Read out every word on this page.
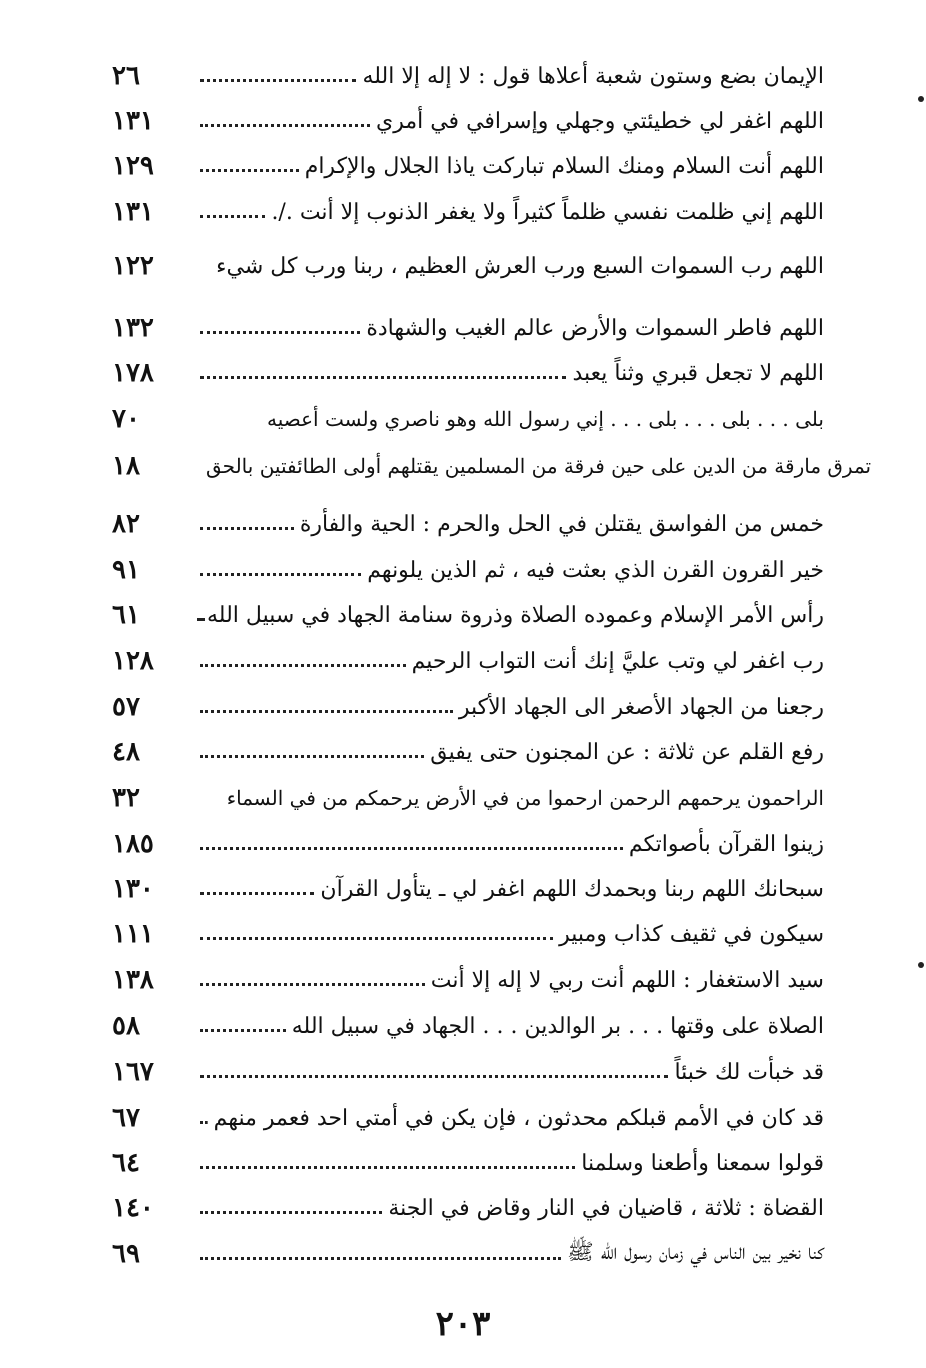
٢٦	الإيمان بضع وستون شعبة أعلاها قول : لا إله إلا الله
١٣١	اللهم اغفر لي خطيئتي وجهلي وإسرافي في أمري
١٢٩	اللهم أنت السلام ومنك السلام تباركت ياذا الجلال والإكرام
١٣١	اللهم إني ظلمت نفسي ظلماً كثيراً ولا يغفر الذنوب إلا أنت ./.
١٢٢	اللهم رب السموات السبع ورب العرش العظيم ، ربنا ورب كل شيء
١٣٢	اللهم فاطر السموات والأرض عالم الغيب والشهادة
١٧٨	اللهم لا تجعل قبري وثناً يعبد
٧٠	بلى . . . بلى . . . بلى . . . إني رسول الله وهو ناصري ولست أعصيه
١٨	تمرق مارقة من الدين على حين فرقة من المسلمين يقتلهم أولى الطائفتين بالحق
٨٢	خمس من الفواسق يقتلن في الحل والحرم : الحية والفأرة
٩١	خير القرون القرن الذي بعثت فيه ، ثم الذين يلونهم
٦١	رأس الأمر الإسلام وعموده الصلاة وذروة سنامة الجهاد في سبيل الله
١٢٨	رب اغفر لي وتب عليَّ إنك أنت التواب الرحيم
٥٧	رجعنا من الجهاد الأصغر الى الجهاد الأكبر
٤٨	رفع القلم عن ثلاثة : عن المجنون حتى يفيق
٣٢	الراحمون يرحمهم الرحمن ارحموا من في الأرض يرحمكم من في السماء
١٨٥	زينوا القرآن بأصواتكم
١٣٠	سبحانك اللهم ربنا وبحمدك اللهم اغفر لي ـ يتأول القرآن
١١١	سيكون في ثقيف كذاب ومبير
١٣٨	سيد الاستغفار : اللهم أنت ربي لا إله إلا أنت
٥٨	الصلاة على وقتها . . . بر الوالدين . . . الجهاد في سبيل الله
١٦٧	قد خبأت لك خبئاً
٦٧	قد كان في الأمم قبلكم محدثون ، فإن يكن في أمتي احد فعمر منهم
٦٤	قولوا سمعنا وأطعنا وسلمنا
١٤٠	القضاة : ثلاثة ، قاضيان في النار وقاض في الجنة
٦٩	كنا نخير بين الناس في زمان رسول الله ﷺ
٢٠٣
